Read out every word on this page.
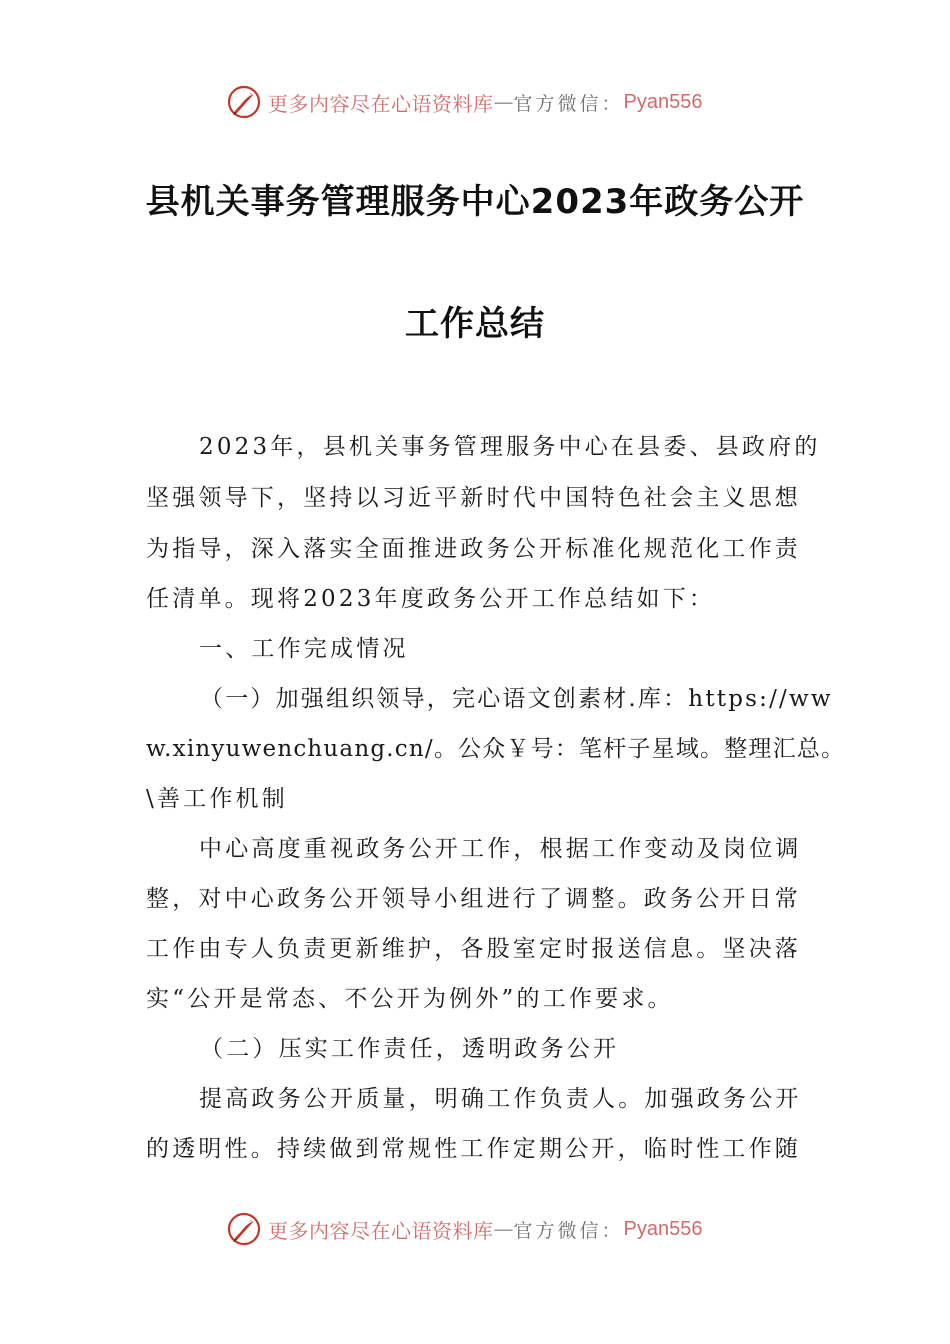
更多内容尽在心语资料库 — 官方微信： Pyan556
县机关事务管理服务中心2023年政务公开
工作总结
2023年，县机关事务管理服务中心在县委、县政府的
坚强领导下，坚持以习近平新时代中国特色社会主义思想
为指导，深入落实全面推进政务公开标准化规范化工作责
任清单。现将2023年度政务公开工作总结如下：
一、工作完成情况
（一）加强组织领导，完心语文创素材.库：https://ww
w.xinyuwenchuang.cn/。公众￥号：笔杆子星域。整理汇总。
\善工作机制
中心高度重视政务公开工作，根据工作变动及岗位调
整，对中心政务公开领导小组进行了调整。政务公开日常
工作由专人负责更新维护，各股室定时报送信息。坚决落
实“公开是常态、不公开为例外”的工作要求。
（二）压实工作责任，透明政务公开
提高政务公开质量，明确工作负责人。加强政务公开
的透明性。持续做到常规性工作定期公开，临时性工作随
更多内容尽在心语资料库 — 官方微信： Pyan556
